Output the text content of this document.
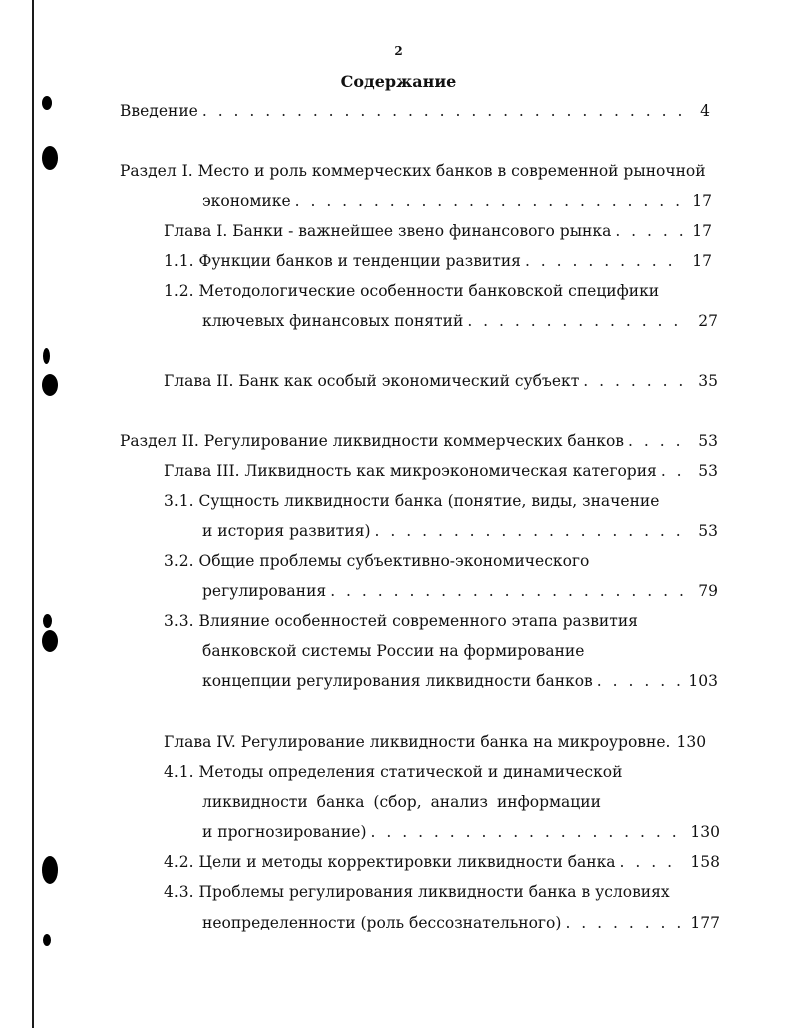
2
Содержание
Введение . . .	4
Раздел I. Место и роль коммерческих банков в современной рыночной
экономике . . .	17
Глава I. Банки - важнейшее звено финансового рынка . . .	17
1.1. Функции банков и тенденции развития . . .	17
1.2. Методологические особенности банковской специфики
ключевых финансовых понятий . . .	27
Глава II. Банк как особый экономический субъект . . .	35
Раздел II. Регулирование ликвидности коммерческих банков . . .	53
Глава III. Ликвидность как микроэкономическая категория . . .	53
3.1. Сущность ликвидности банка (понятие, виды, значение
и история развития) . . .	53
3.2. Общие проблемы субъективно-экономического
регулирования . . .	79
3.3. Влияние особенностей современного этапа развития
банковской системы России на формирование
концепции регулирования ликвидности банков . . .	103
Глава IV. Регулирование ликвидности банка на микроуровне. 130
4.1. Методы определения статической и динамической
ликвидности банка (сбор, анализ информации
и прогнозирование) . . .	130
4.2. Цели и методы корректировки ликвидности банка . . .	158
4.3. Проблемы регулирования ликвидности банка в условиях
неопределенности (роль бессознательного) . . .	177
